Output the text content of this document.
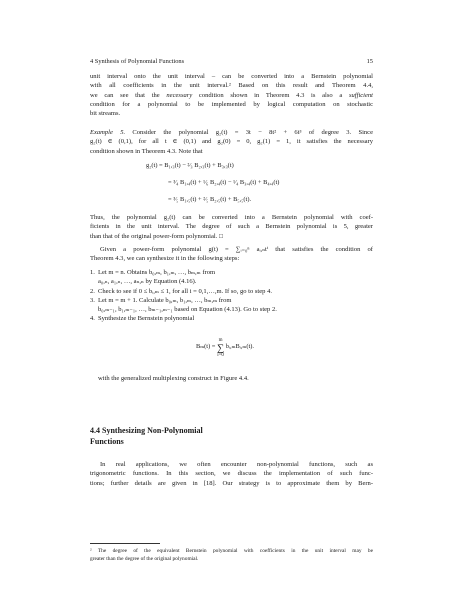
4 Synthesis of Polynomial Functions	15
unit interval onto the unit interval – can be converted into a Bernstein polynomial
with all coefficients in the unit interval.² Based on this result and Theorem 4.4,
we can see that the necessary condition shown in Theorem 4.3 is also a sufficient
condition for a polynomial to be implemented by logical computation on stochastic
bit streams.
Example 5. Consider the polynomial g₂(t) = 3t − 8t² + 6t³ of degree 3. Since
g₂(t) ∈ (0,1), for all t ∈ (0,1) and g₂(0) = 0, g₂(1) = 1, it satisfies the necessary
condition shown in Theorem 4.3. Note that
g₂(t) = B₁,₃(t) − ²⁄₃ B₂,₃(t) + B₃,₃(t)
= ³⁄₄ B₁,₄(t) + ¹⁄₆ B₂,₄(t) − ¹⁄₄ B₃,₄(t) + B₄,₄(t)
= ³⁄₅ B₁,₅(t) + ²⁄₅ B₂,₅(t) + B₅,₅(t).
Thus, the polynomial g₂(t) can be converted into a Bernstein polynomial with coef-
ficients in the unit interval. The degree of such a Bernstein polynomial is 5, greater
than that of the original power-form polynomial. □
Given a power-form polynomial g(t) = ∑ᵢ₌₀ⁿ aᵢ,ₙtⁱ that satisfies the condition of
Theorem 4.3, we can synthesize it in the following steps:
1. Let m = n. Obtains b₀,ₘ, b₁,ₘ, …, bₘ,ₘ from
a₀,ₙ, a₁,ₙ, …, aₙ,ₙ by Equation (4.16).
2. Check to see if 0 ≤ bᵢ,ₘ ≤ 1, for all i = 0,1,…,m. If so, go to step 4.
3. Let m = m + 1. Calculate b₀,ₘ, b₁,ₘ, …, bₘ,ₘ from
b₀,ₘ₋₁, b₁,ₘ₋₁, …, bₘ₋₁,ₘ₋₁ based on Equation (4.13). Go to step 2.
4. Synthesize the Bernstein polynomial
Bₘ(t) =
m
∑
i=0
bᵢ,ₘBᵢ,ₘ(t).
with the generalized multiplexing construct in Figure 4.4.
4.4 Synthesizing Non-Polynomial
Functions
In real applications, we often encounter non-polynomial functions, such as
trigonometric functions. In this section, we discuss the implementation of such func-
tions; further details are given in [18]. Our strategy is to approximate them by Bern-
² The degree of the equivalent Bernstein polynomial with coefficients in the unit interval may be
greater than the degree of the original polynomial.
